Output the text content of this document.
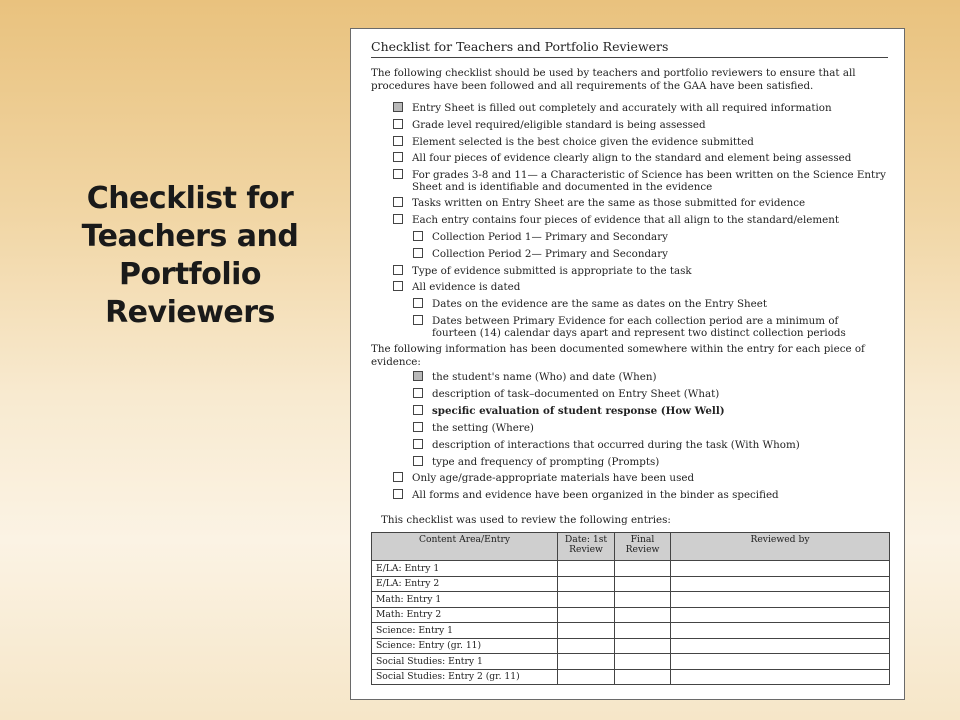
Checklist for
Teachers and
Portfolio
Reviewers
Checklist for Teachers and Portfolio Reviewers
The following checklist should be used by teachers and portfolio reviewers to ensure that all procedures have been followed and all requirements of the GAA have been satisfied.
Entry Sheet is filled out completely and accurately with all required information
Grade level required/eligible standard is being assessed
Element selected is the best choice given the evidence submitted
All four pieces of evidence clearly align to the standard and element being assessed
For grades 3-8 and 11— a Characteristic of Science has been written on the Science Entry Sheet and is identifiable and documented in the evidence
Tasks written on Entry Sheet are the same as those submitted for evidence
Each entry contains four pieces of evidence that all align to the standard/element
Collection Period 1— Primary and Secondary
Collection Period 2— Primary and Secondary
Type of evidence submitted is appropriate to the task
All evidence is dated
Dates on the evidence are the same as dates on the Entry Sheet
Dates between Primary Evidence for each collection period are a minimum of fourteen (14) calendar days apart and represent two distinct collection periods
The following information has been documented somewhere within the entry for each piece of evidence:
the student's name (Who) and date (When)
description of task–documented on Entry Sheet (What)
specific evaluation of student response (How Well)
the setting (Where)
description of interactions that occurred during the task (With Whom)
type and frequency of prompting (Prompts)
Only age/grade-appropriate materials have been used
All forms and evidence have been organized in the binder as specified
This checklist was used to review the following entries:
Content Area/Entry	Date: 1st Review	Final Review	Reviewed by
E/LA: Entry 1			
E/LA: Entry 2			
Math: Entry 1			
Math: Entry 2			
Science: Entry 1			
Science: Entry (gr. 11)			
Social Studies: Entry 1			
Social Studies: Entry 2 (gr. 11)			
